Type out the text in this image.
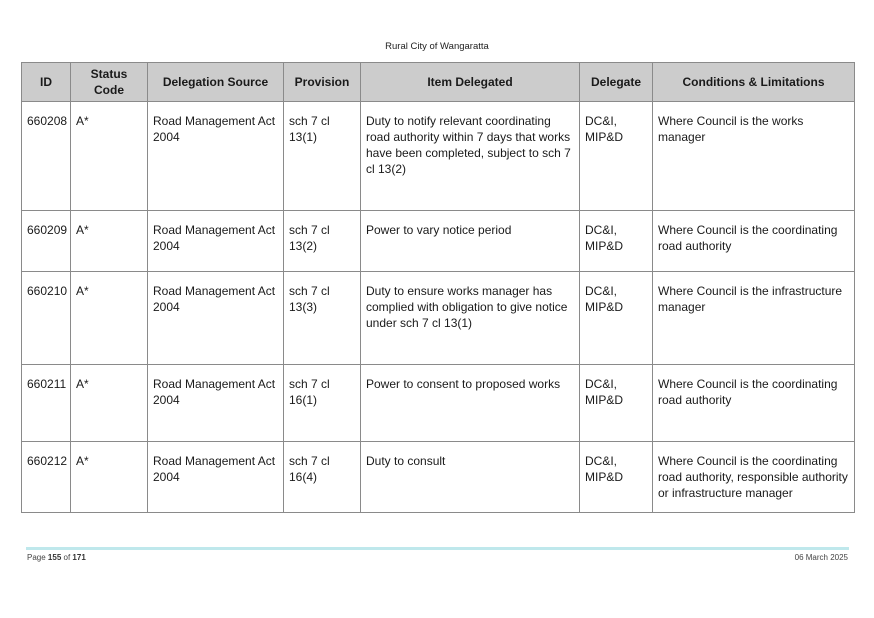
Rural City of Wangaratta
ID	Status Code	Delegation Source	Provision	Item Delegated	Delegate	Conditions & Limitations
660208	A*	Road Management Act 2004	sch 7 cl 13(1)	Duty to notify relevant coordinating road authority within 7 days that works have been completed, subject to sch 7 cl 13(2)	DC&I, MIP&D	Where Council is the works manager
660209	A*	Road Management Act 2004	sch 7 cl 13(2)	Power to vary notice period	DC&I, MIP&D	Where Council is the coordinating road authority
660210	A*	Road Management Act 2004	sch 7 cl 13(3)	Duty to ensure works manager has complied with obligation to give notice under sch 7 cl 13(1)	DC&I, MIP&D	Where Council is the infrastructure manager
660211	A*	Road Management Act 2004	sch 7 cl 16(1)	Power to consent to proposed works	DC&I, MIP&D	Where Council is the coordinating road authority
660212	A*	Road Management Act 2004	sch 7 cl 16(4)	Duty to consult	DC&I, MIP&D	Where Council is the coordinating road authority, responsible authority or infrastructure manager
Page 155 of 171	06 March 2025
